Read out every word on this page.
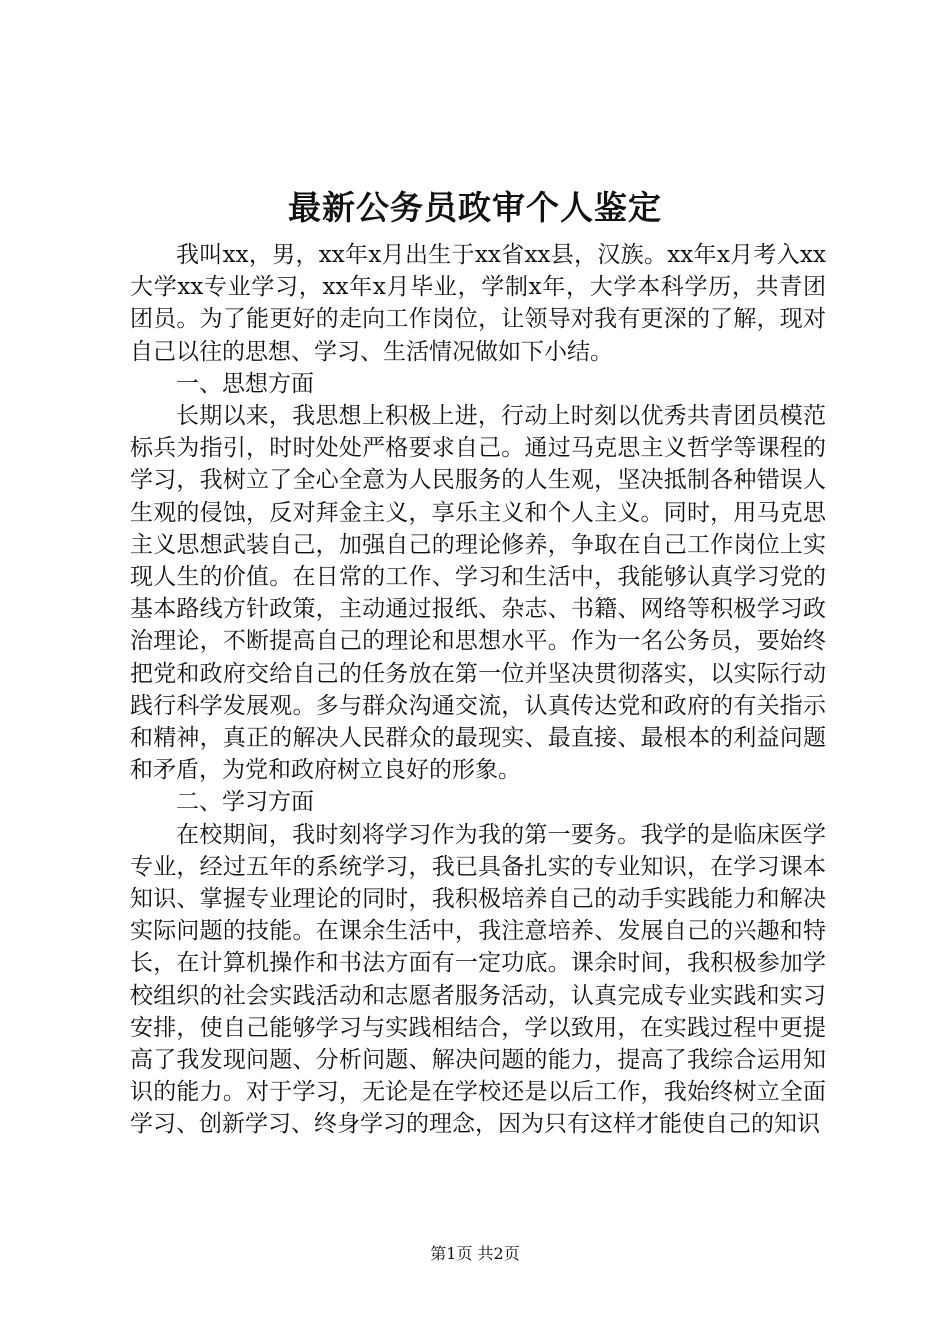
最新公务员政审个人鉴定

我叫xx，男，xx年x月出生于xx省xx县，汉族。xx年x月考入xx大学xx专业学习，xx年x月毕业，学制x年，大学本科学历，共青团团员。为了能更好的走向工作岗位，让领导对我有更深的了解，现对自己以往的思想、学习、生活情况做如下小结。

一、思想方面

长期以来，我思想上积极上进，行动上时刻以优秀共青团员模范标兵为指引，时时处处严格要求自己。通过马克思主义哲学等课程的学习，我树立了全心全意为人民服务的人生观，坚决抵制各种错误人生观的侵蚀，反对拜金主义，享乐主义和个人主义。同时，用马克思主义思想武装自己，加强自己的理论修养，争取在自己工作岗位上实现人生的价值。在日常的工作、学习和生活中，我能够认真学习党的基本路线方针政策，主动通过报纸、杂志、书籍、网络等积极学习政治理论，不断提高自己的理论和思想水平。作为一名公务员，要始终把党和政府交给自己的任务放在第一位并坚决贯彻落实，以实际行动践行科学发展观。多与群众沟通交流，认真传达党和政府的有关指示和精神，真正的解决人民群众的最现实、最直接、最根本的利益问题和矛盾，为党和政府树立良好的形象。

二、学习方面

在校期间，我时刻将学习作为我的第一要务。我学的是临床医学专业，经过五年的系统学习，我已具备扎实的专业知识，在学习课本知识、掌握专业理论的同时，我积极培养自己的动手实践能力和解决实际问题的技能。在课余生活中，我注意培养、发展自己的兴趣和特长，在计算机操作和书法方面有一定功底。课余时间，我积极参加学校组织的社会实践活动和志愿者服务活动，认真完成专业实践和实习安排，使自己能够学习与实践相结合，学以致用，在实践过程中更提高了我发现问题、分析问题、解决问题的能力，提高了我综合运用知识的能力。对于学习，无论是在学校还是以后工作，我始终树立全面学习、创新学习、终身学习的理念，因为只有这样才能使自己的知识

第1页 共2页
